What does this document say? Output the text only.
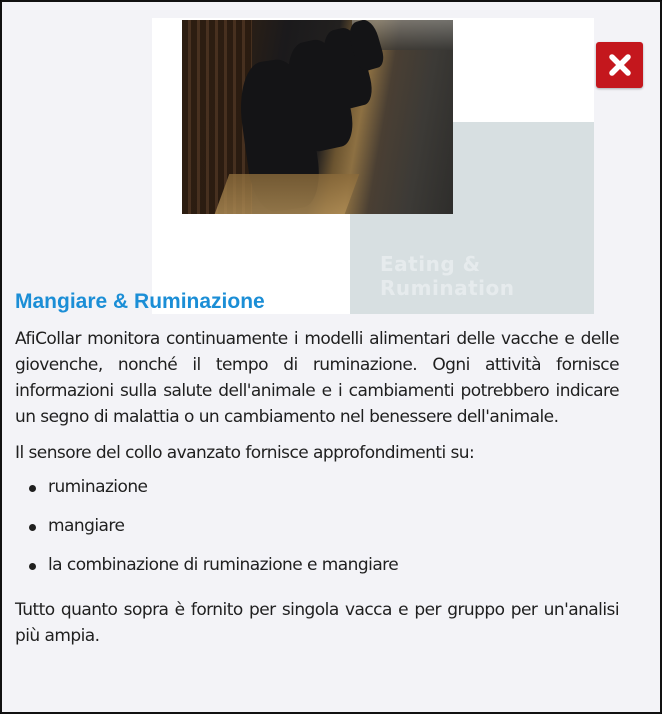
Eating &
Rumination
Mangiare & Ruminazione

AfiCollar monitora continuamente i modelli alimentari delle vacche e delle giovenche, nonché il tempo di ruminazione. Ogni attività fornisce informazioni sulla salute dell'animale e i cambiamenti potrebbero indicare un segno di malattia o un cambiamento nel benessere dell'animale.

Il sensore del collo avanzato fornisce approfondimenti su:

ruminazione
mangiare
la combinazione di ruminazione e mangiare

Tutto quanto sopra è fornito per singola vacca e per gruppo per un'analisi più ampia.
